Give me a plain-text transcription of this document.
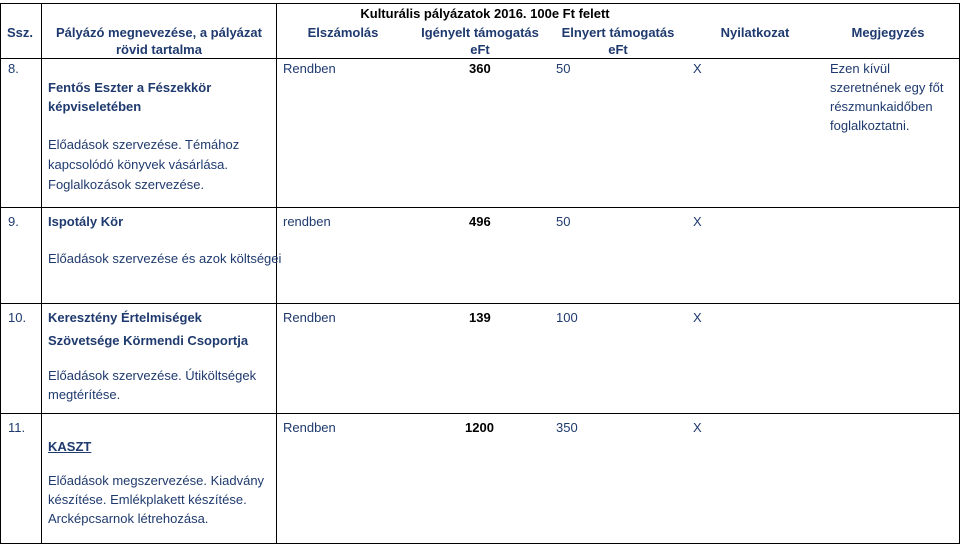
Kulturális pályázatok 2016. 100e Ft felett
Ssz.	Pályázó megnevezése, a pályázat
rövid tartalma
Elszámolás	Igényelt támogatás
eFt
Elnyert támogatás
eFt
Nyilatkozat	Megjegyzés
8.
Fentős Eszter a Fészekkör
képviseletében
Előadások szervezése. Témához
kapcsolódó könyvek vásárlása.
Foglalkozások szervezése.
Rendben	360	50	X	Ezen kívül
szeretnének egy főt
részmunkaidőben
foglalkoztatni.
9. Ispotály Kör
Előadások szervezése és azok költségei
rendben	496	50	X
10. Keresztény Értelmiségek
Szövetsége Körmendi Csoportja
Előadások szervezése. Útiköltségek
megtérítése.
Rendben	139	100	X
11.
KASZT
Előadások megszervezése. Kiadvány
készítése. Emlékplakett készítése.
Arcképcsarnok létrehozása.
Rendben	1200	350	X
